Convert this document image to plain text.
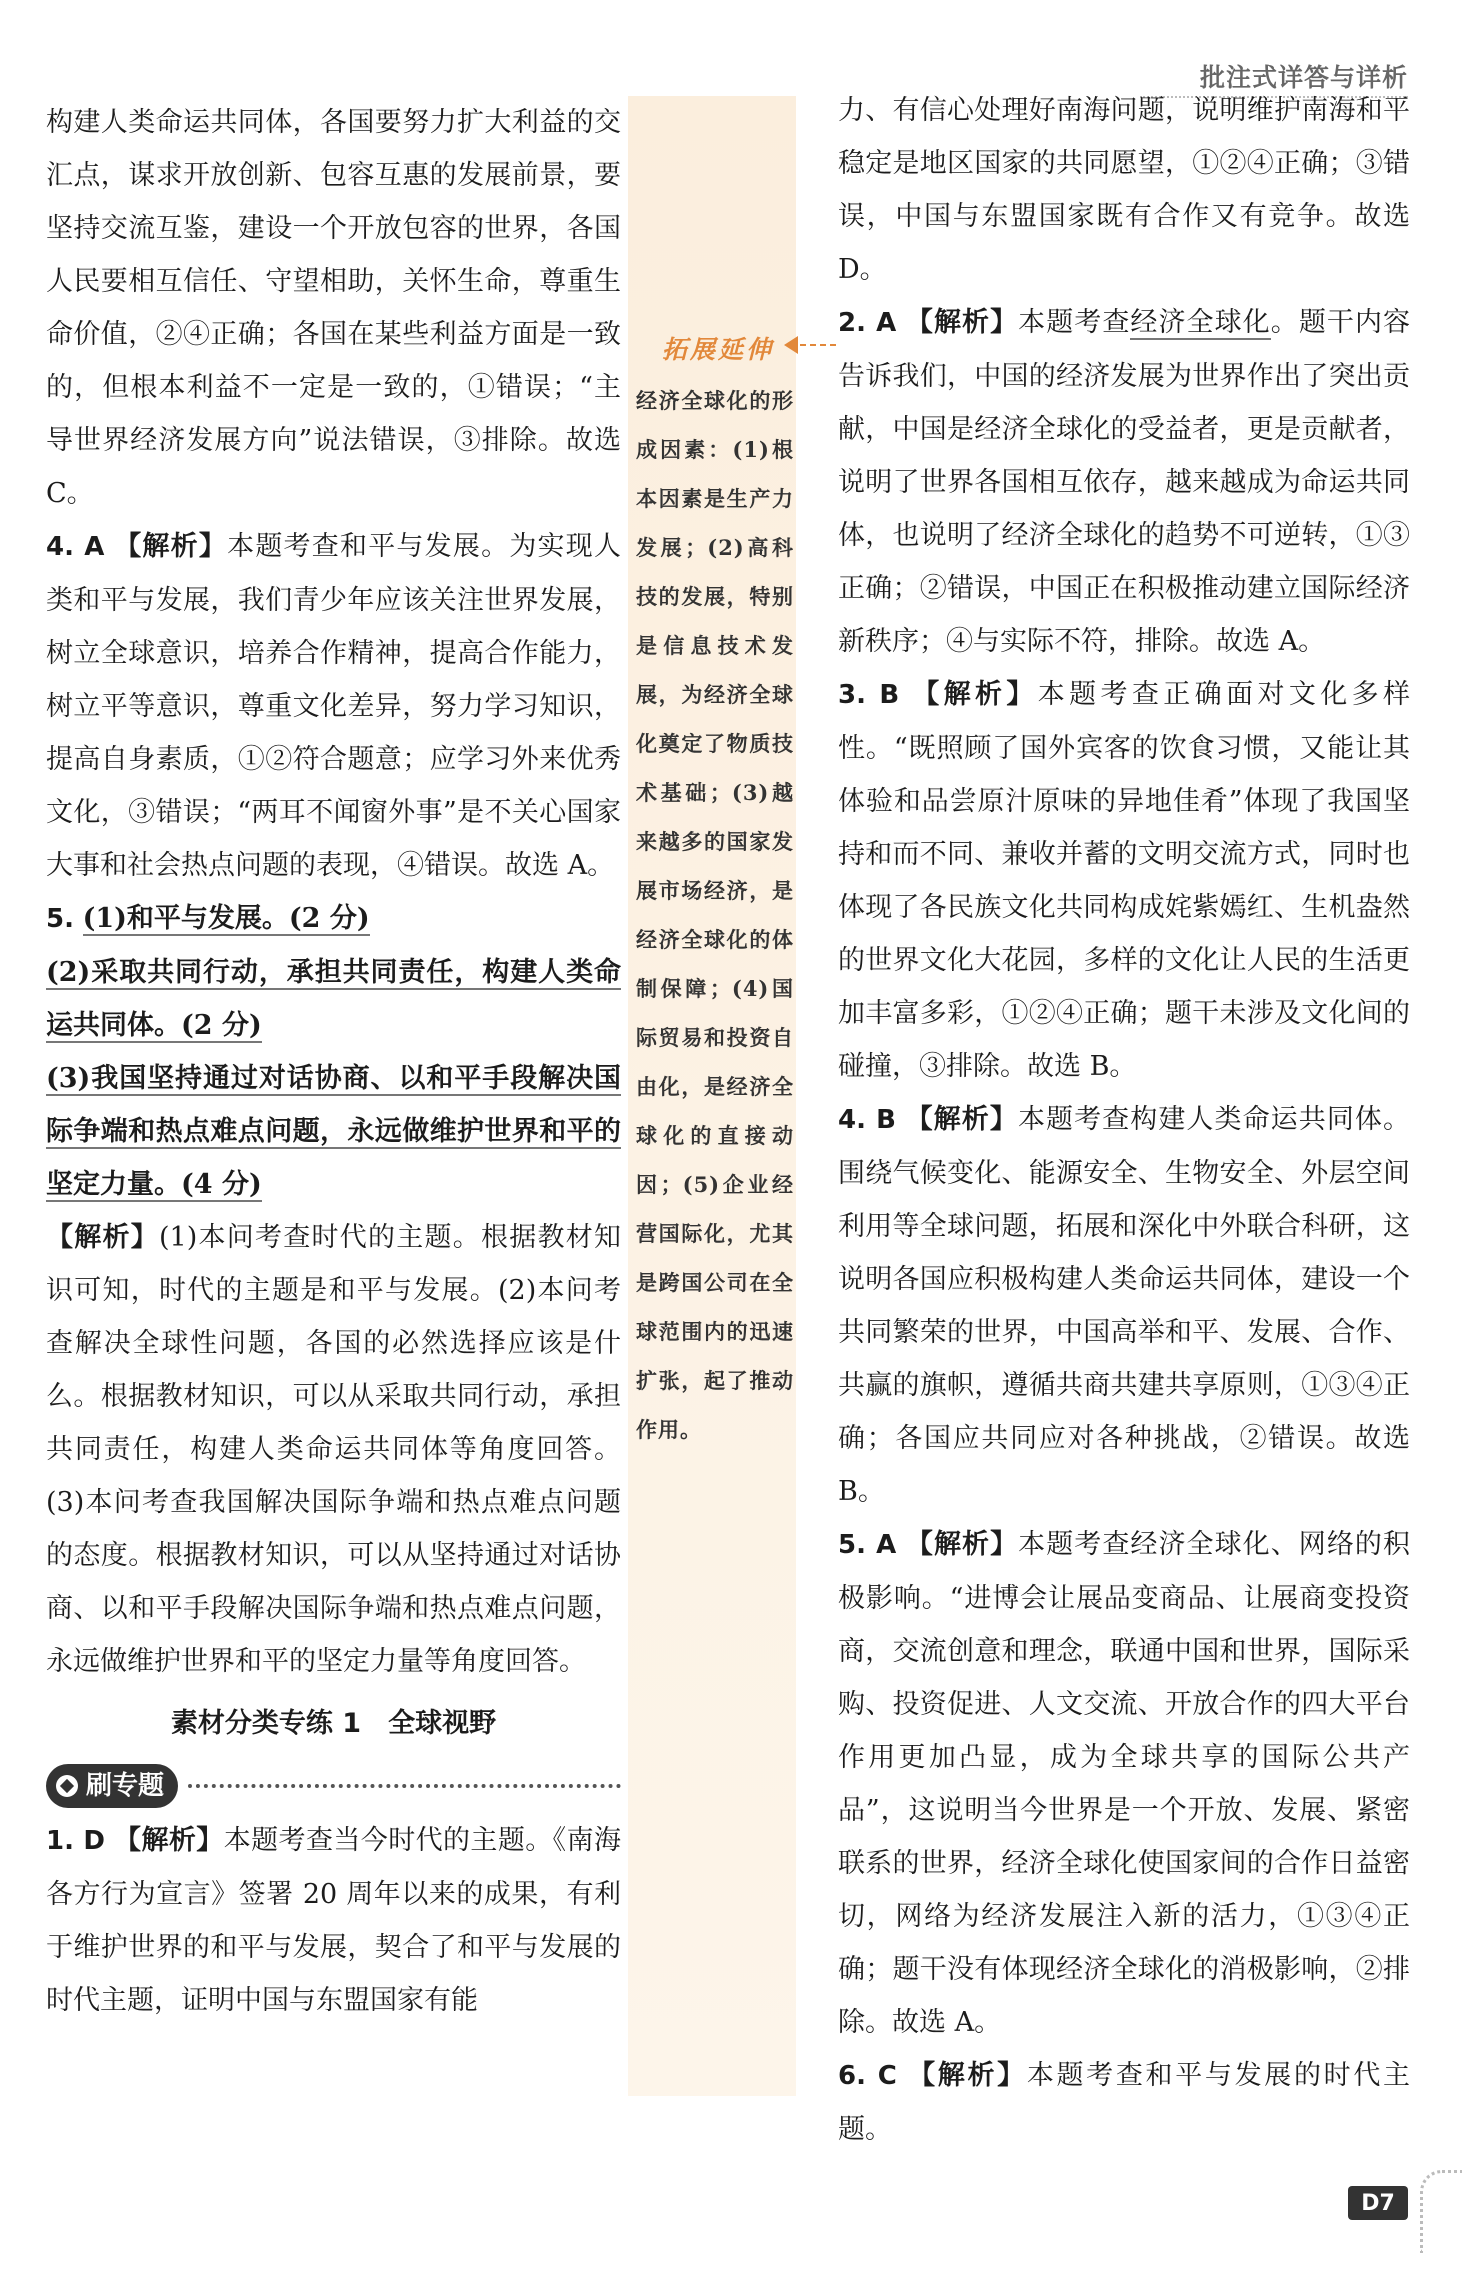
批注式详答与详析

构建人类命运共同体，各国要努力扩大利益的交汇点，谋求开放创新、包容互惠的发展前景，要坚持交流互鉴，建设一个开放包容的世界，各国人民要相互信任、守望相助，关怀生命，尊重生命价值，②④正确；各国在某些利益方面是一致的，但根本利益不一定是一致的，①错误；“主导世界经济发展方向”说法错误，③排除。故选 C。

4. A 【解析】本题考查和平与发展。为实现人类和平与发展，我们青少年应该关注世界发展，树立全球意识，培养合作精神，提高合作能力，树立平等意识，尊重文化差异，努力学习知识，提高自身素质，①②符合题意；应学习外来优秀文化，③错误；“两耳不闻窗外事”是不关心国家大事和社会热点问题的表现，④错误。故选 A。

5. (1)和平与发展。(2 分)

(2)采取共同行动，承担共同责任，构建人类命运共同体。(2 分)

(3)我国坚持通过对话协商、以和平手段解决国际争端和热点难点问题，永远做维护世界和平的坚定力量。(4 分)

【解析】(1)本问考查时代的主题。根据教材知识可知，时代的主题是和平与发展。(2)本问考查解决全球性问题，各国的必然选择应该是什么。根据教材知识，可以从采取共同行动，承担共同责任，构建人类命运共同体等角度回答。(3)本问考查我国解决国际争端和热点难点问题的态度。根据教材知识，可以从坚持通过对话协商、以和平手段解决国际争端和热点难点问题，永远做维护世界和平的坚定力量等角度回答。

素材分类专练 1　全球视野
刷专题

1. D 【解析】本题考查当今时代的主题。《南海各方行为宣言》签署 20 周年以来的成果，有利于维护世界的和平与发展，契合了和平与发展的时代主题，证明中国与东盟国家有能

拓展延伸
经济全球化的形成因素：(1)根本因素是生产力发展；(2)高科技的发展，特别是信息技术发展，为经济全球化奠定了物质技术基础；(3)越来越多的国家发展市场经济，是经济全球化的体制保障；(4)国际贸易和投资自由化，是经济全球化的直接动因；(5)企业经营国际化，尤其是跨国公司在全球范围内的迅速扩张，起了推动作用。

力、有信心处理好南海问题，说明维护南海和平稳定是地区国家的共同愿望，①②④正确；③错误，中国与东盟国家既有合作又有竞争。故选 D。

2. A 【解析】本题考查经济全球化。题干内容告诉我们，中国的经济发展为世界作出了突出贡献，中国是经济全球化的受益者，更是贡献者，说明了世界各国相互依存，越来越成为命运共同体，也说明了经济全球化的趋势不可逆转，①③正确；②错误，中国正在积极推动建立国际经济新秩序；④与实际不符，排除。故选 A。

3. B 【解析】本题考查正确面对文化多样性。“既照顾了国外宾客的饮食习惯，又能让其体验和品尝原汁原味的异地佳肴”体现了我国坚持和而不同、兼收并蓄的文明交流方式，同时也体现了各民族文化共同构成姹紫嫣红、生机盎然的世界文化大花园，多样的文化让人民的生活更加丰富多彩，①②④正确；题干未涉及文化间的碰撞，③排除。故选 B。

4. B 【解析】本题考查构建人类命运共同体。围绕气候变化、能源安全、生物安全、外层空间利用等全球问题，拓展和深化中外联合科研，这说明各国应积极构建人类命运共同体，建设一个共同繁荣的世界，中国高举和平、发展、合作、共赢的旗帜，遵循共商共建共享原则，①③④正确；各国应共同应对各种挑战，②错误。故选 B。

5. A 【解析】本题考查经济全球化、网络的积极影响。“进博会让展品变商品、让展商变投资商，交流创意和理念，联通中国和世界，国际采购、投资促进、人文交流、开放合作的四大平台作用更加凸显，成为全球共享的国际公共产品”，这说明当今世界是一个开放、发展、紧密联系的世界，经济全球化使国家间的合作日益密切，网络为经济发展注入新的活力，①③④正确；题干没有体现经济全球化的消极影响，②排除。故选 A。

6. C 【解析】本题考查和平与发展的时代主题。

D7
